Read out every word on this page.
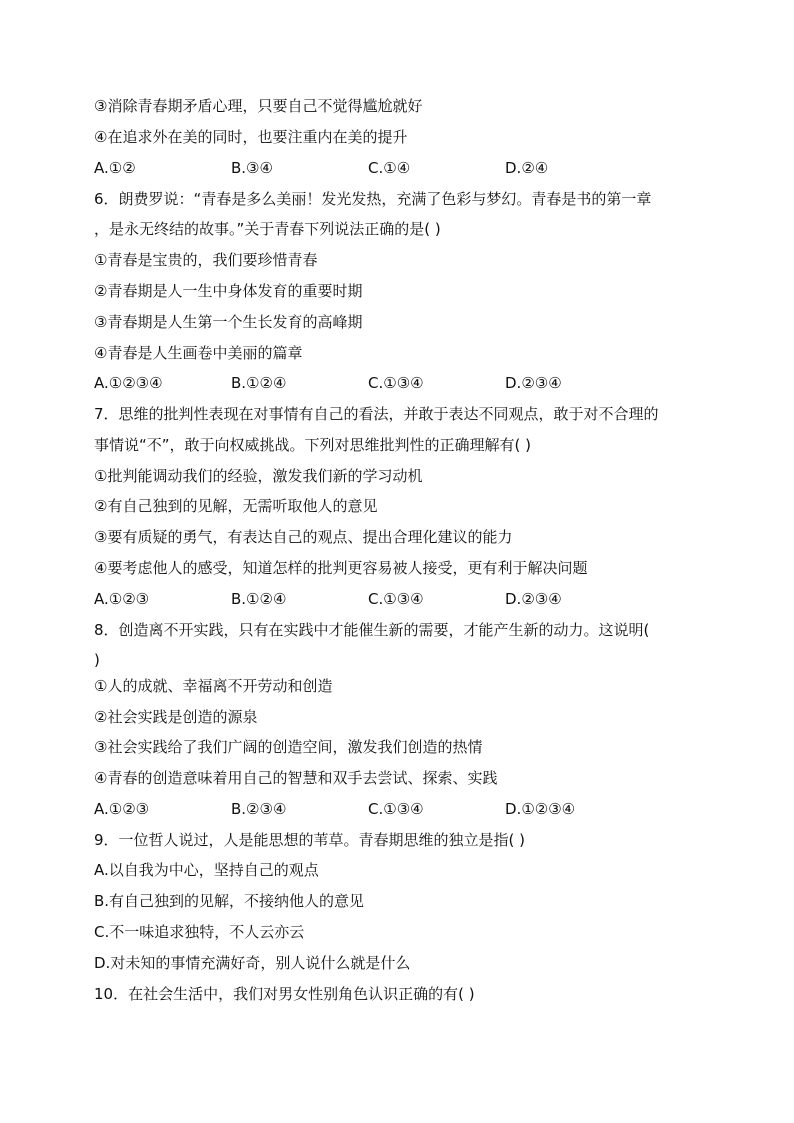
③消除青春期矛盾心理，只要自己不觉得尴尬就好
④在追求外在美的同时，也要注重内在美的提升
A.①②	B.③④	C.①④	D.②④
6．朗费罗说：“青春是多么美丽！发光发热，充满了色彩与梦幻。青春是书的第一章
，是永无终结的故事。”关于青春下列说法正确的是( )
①青春是宝贵的，我们要珍惜青春
②青春期是人一生中身体发育的重要时期
③青春期是人生第一个生长发育的高峰期
④青春是人生画卷中美丽的篇章
A.①②③④	B.①②④	C.①③④	D.②③④
7．思维的批判性表现在对事情有自己的看法，并敢于表达不同观点，敢于对不合理的
事情说“不”，敢于向权威挑战。下列对思维批判性的正确理解有( )
①批判能调动我们的经验，激发我们新的学习动机
②有自己独到的见解，无需听取他人的意见
③要有质疑的勇气，有表达自己的观点、提出合理化建议的能力
④要考虑他人的感受，知道怎样的批判更容易被人接受，更有利于解决问题
A.①②③	B.①②④	C.①③④	D.②③④
8．创造离不开实践，只有在实践中才能催生新的需要，才能产生新的动力。这说明(
)
①人的成就、幸福离不开劳动和创造
②社会实践是创造的源泉
③社会实践给了我们广阔的创造空间，激发我们创造的热情
④青春的创造意味着用自己的智慧和双手去尝试、探索、实践
A.①②③	B.②③④	C.①③④	D.①②③④
9．一位哲人说过，人是能思想的苇草。青春期思维的独立是指( )
A.以自我为中心，坚持自己的观点
B.有自己独到的见解，不接纳他人的意见
C.不一味追求独特，不人云亦云
D.对未知的事情充满好奇，别人说什么就是什么
10．在社会生活中，我们对男女性别角色认识正确的有( )
